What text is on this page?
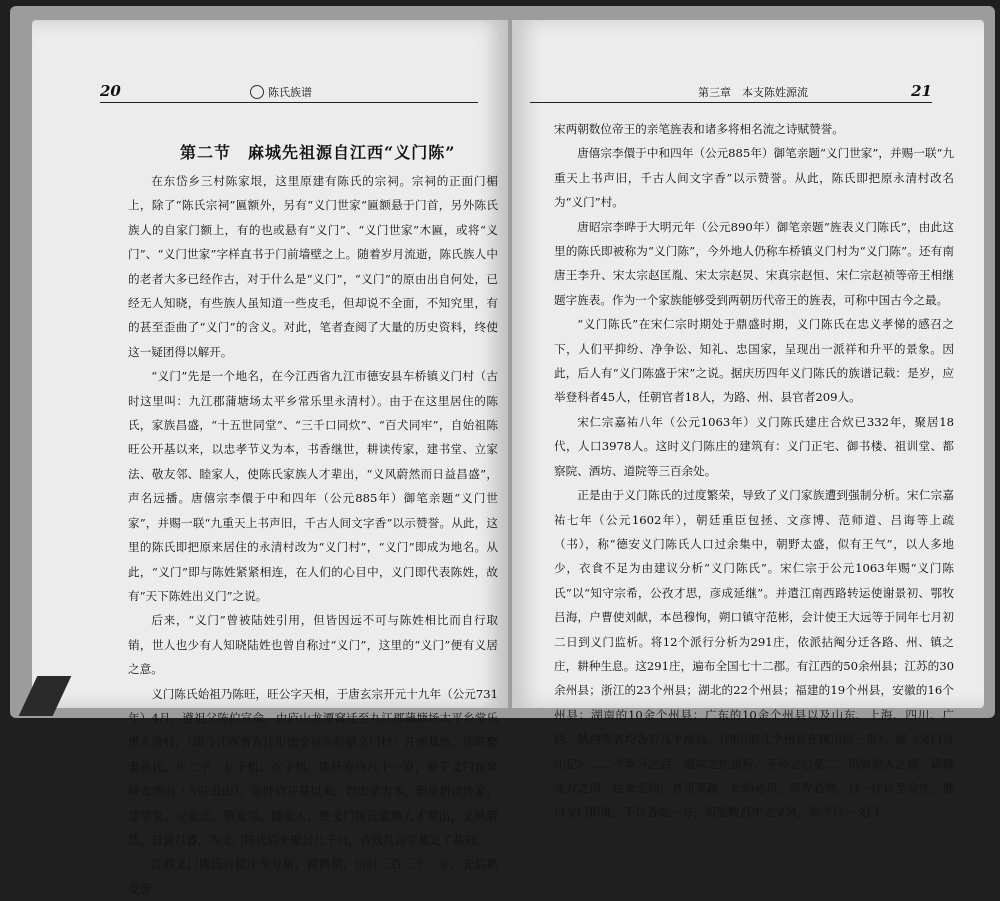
20	陈氏族谱
第二节　麻城先祖源自江西“义门陈”

在东岱乡三村陈家垠，这里原建有陈氏的宗祠。宗祠的正面门楣上，除了“陈氏宗祠”匾额外，另有“义门世家”匾额悬于门首，另外陈氏族人的自家门额上，有的也或悬有“义门”、“义门世家”木匾，或将“义门”、“义门世家”字样直书于门前墙壁之上。随着岁月流逝，陈氏族人中的老者大多已经作古，对于什么是“义门”，“义门”的原由出自何处，已经无人知晓，有些族人虽知道一些皮毛，但却说不全面，不知究里，有的甚至歪曲了“义门”的含义。对此，笔者查阅了大量的历史资料，终使这一疑团得以解开。

“义门”先是一个地名，在今江西省九江市德安县车桥镇义门村（古时这里叫：九江郡蒲塘场太平乡常乐里永清村）。由于在这里居住的陈氏，家族昌盛，“十五世同堂”、“三千口同炊”、“百犬同牢”，自始祖陈旺公开基以来，以忠孝节义为本，书香继世，耕读传家，建书堂、立家法、敬友邻、睦家人，使陈氏家族人才辈出，“义风蔚然而日益昌盛”，声名远播。唐僖宗李儇于中和四年（公元885年）御笔亲题“义门世家”，并赐一联“九重天上书声旧，千古人间文字香”以示赞誉。从此，这里的陈氏即把原来居住的永清村改为“义门村”，“义门”即成为地名。从此，“义门”即与陈姓紧紧相连，在人们的心目中，义门即代表陈姓，故有“天下陈姓出义门”之说。

后来，“义门”曾被陆姓引用，但皆因远不可与陈姓相比而自行取销，世人也少有人知晓陆姓也曾自称过“义门”，这里的“义门”便有义居之意。

义门陈氏始祖乃陈旺，旺公字天相，于唐玄宗开元十九年（公元731年）4月，遵祖父陈伯宣命，由庐山龙潭窝迁至九江郡蒲塘场太平乡常乐里永清村，（即今江西省九江市德安县车桥镇义门村）开创基地。陈旺娶妻孙氏，生二子，长子机、次子棋。陈旺寿终八十一岁，葬于义门东皋岭龙池山（今旺公山）。陈旺自开基以来，以忠孝为本，勤俭耕读传家，建学堂、立家法、敬友邻、睦家人，使义门陈氏家族人才辈出，义风蔚然，日益昌盛，为义门陈氏后来聚居几千口，合炊几百年奠定了基础。

江西义门陈氏自建庄至分析，跨两朝，历时三百三十二年，先后累受唐

第三章　本支陈姓源流	21

宋两朝数位帝王的亲笔旌表和诸多将相名流之诗赋赞誉。

唐僖宗李儇于中和四年（公元885年）御笔亲题“义门世家”，并赐一联“九重天上书声旧，千古人间文字香”以示赞誉。从此，陈氏即把原永清村改名为“义门”村。

唐昭宗李晔于大明元年（公元890年）御笔亲题“旌表义门陈氏”，由此这里的陈氏即被称为“义门陈”，今外地人仍称车桥镇义门村为“义门陈”。还有南唐王李升、宋太宗赵匡胤、宋太宗赵炅、宋真宗赵恒、宋仁宗赵祯等帝王相继题字旌表。作为一个家族能够受到两朝历代帝王的旌表，可称中国古今之最。

“义门陈氏”在宋仁宗时期处于鼎盛时期，义门陈氏在忠义孝悌的感召之下，人们平抑纷、净争讼、知礼、忠国家，呈现出一派祥和升平的景象。因此，后人有“义门陈盛于宋”之说。据庆历四年义门陈氏的族谱记载：是岁，应举登科者45人，任朝官者18人，为路、州、县官者209人。

宋仁宗嘉祐八年（公元1063年）义门陈氏建庄合炊已332年，聚居18代，人口3978人。这时义门陈庄的建筑有：义门正宅、御书楼、祖训堂、都察院、酒坊、道院等三百余处。

正是由于义门陈氏的过度繁荣，导致了义门家族遭到强制分析。宋仁宗嘉祐七年（公元1602年），朝廷重臣包拯、文彦博、范师道、吕诲等上疏（书），称“德安义门陈氏人口过余集中，朝野太盛，似有王气”，以人多地少，衣食不足为由建议分析“义门陈氏”。宋仁宗于公元1063年赐“义门陈氏”以“知守宗希，公孜才思，彦成延继”。并遣江南西路转运使谢景初、鄂牧吕海，户曹使刘献，本邑穆恂，朔口镇守范彬，会计使王大远等于同年七月初二日到义门监析。将12个派行分析为291庄，依派拈阄分迁各路、州、镇之庄，耕种生息。这291庄，遍布全国七十二郡。有江西的50余州县；江苏的30余州县；浙江的23个州县；湖北的22个州县；福建的19个州县，安徽的16个州县；湖南的10余个州县；广东的10余个州县以及山东、上海、四川、广西、陕西等省均各有几个州县。（四川的几个州县在现川西一带）。据《义门分庄记》……今奉分之后，祖宗之庄虽析，子孙之心莫二，仍效前人之规，确察义方之训，往来无间，音讯莫疏，长幼必讯，尊卑必辨。自一庄以至众庄，惟以义门相继，不以各处一方，而坠数百年之义风，则今日一义门，
